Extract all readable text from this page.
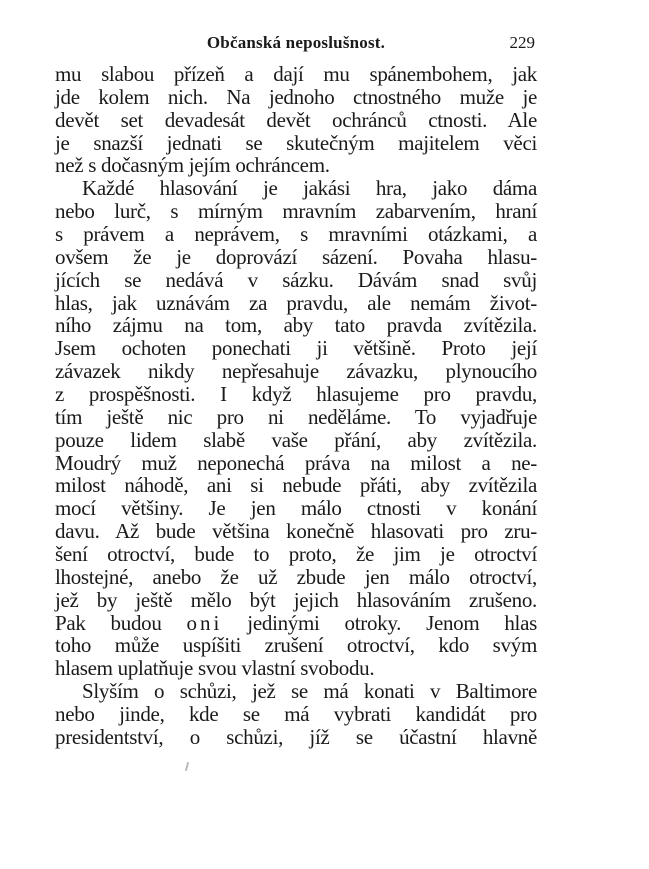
Občanská neposlušnost.	229
mu slabou přízeň a dají mu spánembohem, jak
jde kolem nich. Na jednoho ctnostného muže je
devět set devadesát devět ochránců ctnosti. Ale
je snazší jednati se skutečným majitelem věci
než s dočasným jejím ochráncem.
Každé hlasování je jakási hra, jako dáma
nebo lurč, s mírným mravním zabarvením, hraní
s právem a neprávem, s mravními otázkami, a
ovšem že je doprovází sázení. Povaha hlasu-
jících se nedává v sázku. Dávám snad svůj
hlas, jak uznávám za pravdu, ale nemám život-
ního zájmu na tom, aby tato pravda zvítězila.
Jsem ochoten ponechati ji většině. Proto její
závazek nikdy nepřesahuje závazku, plynoucího
z prospěšnosti. I když hlasujeme pro pravdu,
tím ještě nic pro ni neděláme. To vyjadřuje
pouze lidem slabě vaše přání, aby zvítězila.
Moudrý muž neponechá práva na milost a ne-
milost náhodě, ani si nebude přáti, aby zvítězila
mocí většiny. Je jen málo ctnosti v konání
davu. Až bude většina konečně hlasovati pro zru-
šení otroctví, bude to proto, že jim je otroctví
lhostejné, anebo že už zbude jen málo otroctví,
jež by ještě mělo být jejich hlasováním zrušeno.
Pak budou oni jedinými otroky. Jenom hlas
toho může uspíšiti zrušení otroctví, kdo svým
hlasem uplatňuje svou vlastní svobodu.
Slyším o schůzi, jež se má konati v Baltimore
nebo jinde, kde se má vybrati kandidát pro
presidentství, o schůzi, jíž se účastní hlavně
